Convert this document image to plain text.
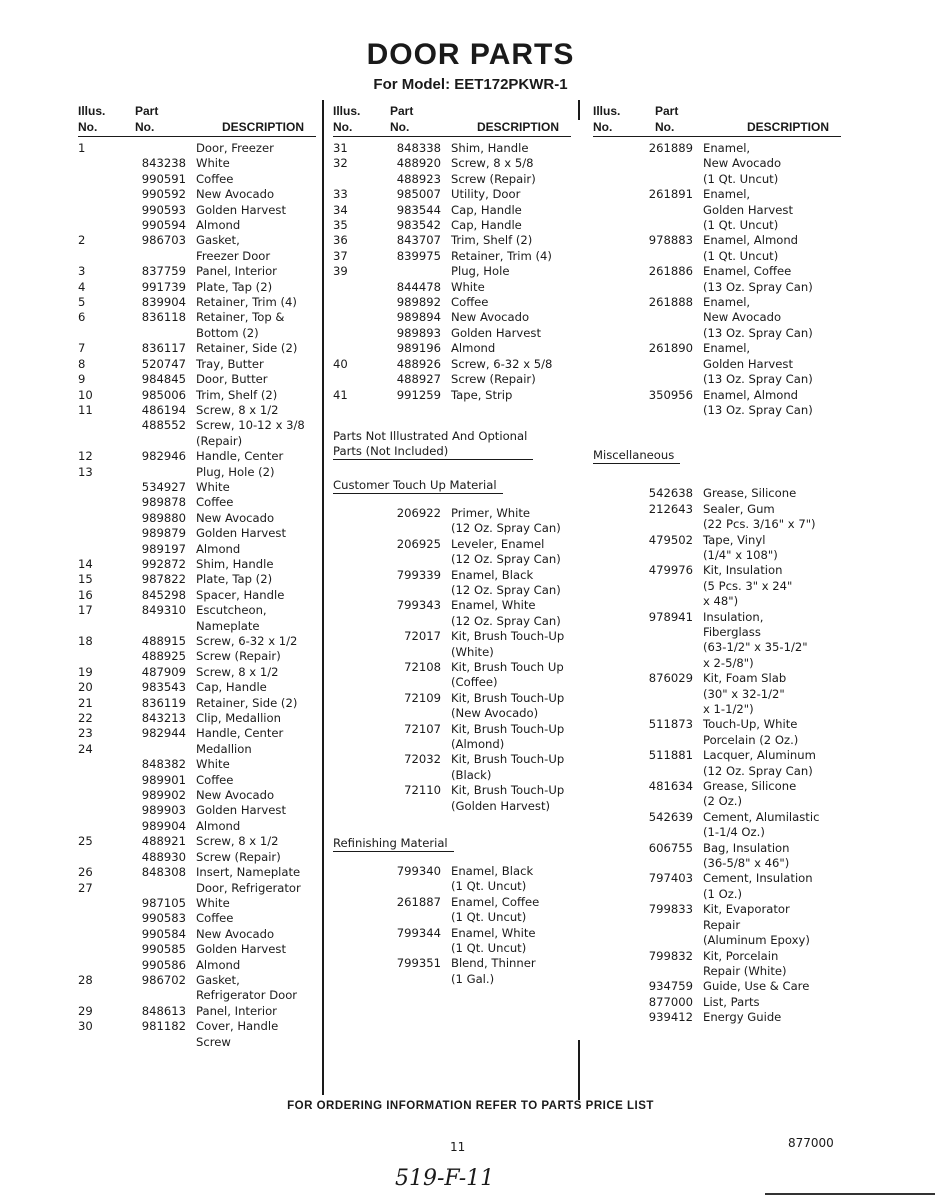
DOOR PARTS
For Model: EET172PKWR-1
Illus.
No.
Part
No.	DESCRIPTION
1	Door, Freezer
843238 White
990591 Coffee
990592 New Avocado
990593 Golden Harvest
990594 Almond
2	986703 Gasket,
Freezer Door
3	837759 Panel, Interior
4	991739 Plate, Tap (2)
5	839904 Retainer, Trim (4)
6	836118 Retainer, Top &
Bottom (2)
7	836117 Retainer, Side (2)
8	520747 Tray, Butter
9	984845 Door, Butter
10	985006 Trim, Shelf (2)
11	486194 Screw, 8 x 1/2
488552 Screw, 10-12 x 3/8
(Repair)
12	982946 Handle, Center
13	Plug, Hole (2)
534927 White
989878 Coffee
989880 New Avocado
989879 Golden Harvest
989197 Almond
14	992872 Shim, Handle
15	987822 Plate, Tap (2)
16	845298 Spacer, Handle
17	849310 Escutcheon,
Nameplate
18	488915 Screw, 6-32 x 1/2
488925 Screw (Repair)
19	487909 Screw, 8 x 1/2
20	983543 Cap, Handle
21	836119 Retainer, Side (2)
22	843213 Clip, Medallion
23	982944 Handle, Center
24	Medallion
848382 White
989901 Coffee
989902 New Avocado
989903 Golden Harvest
989904 Almond
25	488921 Screw, 8 x 1/2
488930 Screw (Repair)
26	848308 Insert, Nameplate
27	Door, Refrigerator
987105 White
990583 Coffee
990584 New Avocado
990585 Golden Harvest
990586 Almond
28	986702 Gasket,
Refrigerator Door
29	848613 Panel, Interior
30	981182 Cover, Handle
Screw
Illus.
No.
Part
No.	DESCRIPTION
31	848338 Shim, Handle
32	488920 Screw, 8 x 5/8
488923 Screw (Repair)
33	985007 Utility, Door
34	983544 Cap, Handle
35	983542 Cap, Handle
36	843707 Trim, Shelf (2)
37	839975 Retainer, Trim (4)
39	Plug, Hole
844478 White
989892 Coffee
989894 New Avocado
989893 Golden Harvest
989196 Almond
40	488926 Screw, 6-32 x 5/8
488927 Screw (Repair)
41	991259 Tape, Strip
Parts Not Illustrated And Optional Parts (Not Included)
Customer Touch Up Material
206922 Primer, White
(12 Oz. Spray Can)
206925 Leveler, Enamel
(12 Oz. Spray Can)
799339 Enamel, Black
(12 Oz. Spray Can)
799343 Enamel, White
(12 Oz. Spray Can)
72017 Kit, Brush Touch-Up
(White)
72108 Kit, Brush Touch Up
(Coffee)
72109 Kit, Brush Touch-Up
(New Avocado)
72107 Kit, Brush Touch-Up
(Almond)
72032 Kit, Brush Touch-Up
(Black)
72110 Kit, Brush Touch-Up
(Golden Harvest)
Refinishing Material
799340 Enamel, Black
(1 Qt. Uncut)
261887 Enamel, Coffee
(1 Qt. Uncut)
799344 Enamel, White
(1 Qt. Uncut)
799351 Blend, Thinner
(1 Gal.)
Illus.
No.
Part
No.	DESCRIPTION
261889 Enamel,
New Avocado
(1 Qt. Uncut)
261891 Enamel,
Golden Harvest
(1 Qt. Uncut)
978883 Enamel, Almond
(1 Qt. Uncut)
261886 Enamel, Coffee
(13 Oz. Spray Can)
261888 Enamel,
New Avocado
(13 Oz. Spray Can)
261890 Enamel,
Golden Harvest
(13 Oz. Spray Can)
350956 Enamel, Almond
(13 Oz. Spray Can)
Miscellaneous
542638 Grease, Silicone
212643 Sealer, Gum
(22 Pcs. 3/16" x 7")
479502 Tape, Vinyl
(1/4" x 108")
479976 Kit, Insulation
(5 Pcs. 3" x 24"
x 48")
978941 Insulation,
Fiberglass
(63-1/2" x 35-1/2"
x 2-5/8")
876029 Kit, Foam Slab
(30" x 32-1/2"
x 1-1/2")
511873 Touch-Up, White
Porcelain (2 Oz.)
511881 Lacquer, Aluminum
(12 Oz. Spray Can)
481634 Grease, Silicone
(2 Oz.)
542639 Cement, Alumilastic
(1-1/4 Oz.)
606755 Bag, Insulation
(36-5/8" x 46")
797403 Cement, Insulation
(1 Oz.)
799833 Kit, Evaporator
Repair
(Aluminum Epoxy)
799832 Kit, Porcelain
Repair (White)
934759 Guide, Use & Care
877000 List, Parts
939412 Energy Guide
FOR ORDERING INFORMATION REFER TO PARTS PRICE LIST
11	877000
519-F-11
